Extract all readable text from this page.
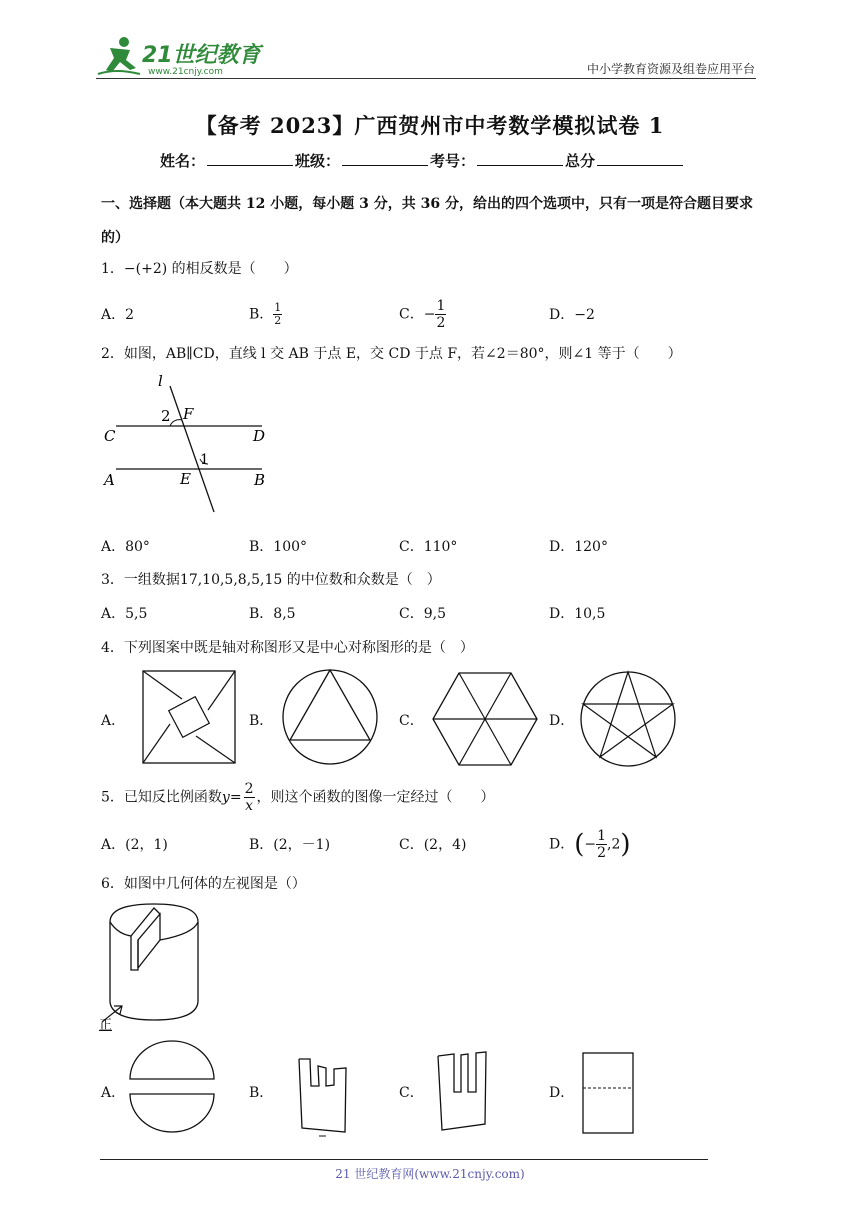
21世纪教育
www.21cnjy.com	中小学教育资源及组卷应用平台
【备考 2023】广西贺州市中考数学模拟试卷 1
姓名：	班级：	考号：	总分
一、选择题（本大题共 12 小题，每小题 3 分，共 36 分，给出的四个选项中，只有一项是符合题目要求的）
1．−(+2) 的相反数是（　　）
A．2	B． $\frac{1}{2}$	C．− $\frac{1}{2}$	D．−2
2．如图，AB∥CD，直线 l 交 AB 于点 E，交 CD 于点 F，若∠2＝80°，则∠1 等于（　　）
l
C	D
A	B
E
F
2
1
A．80°	B．100°	C．110°	D．120°
3．一组数据17,10,5,8,5,15 的中位数和众数是（　）
A．5,5	B．8,5	C．9,5	D．10,5
4．下列图案中既是轴对称图形又是中心对称图形的是（　）
A．	B．	C．	D．
5．已知反比例函数$y= \frac{2}{x}$ ，则这个函数的图像一定经过（　　）
A．(2，1)	B．(2，－1)	C．(2，4)	D．(− $\frac{1}{2} ,2$)
6．如图中几何体的左视图是（）
正
A．	B．	C．	D．
21 世纪教育网(www.21cnjy.com)
